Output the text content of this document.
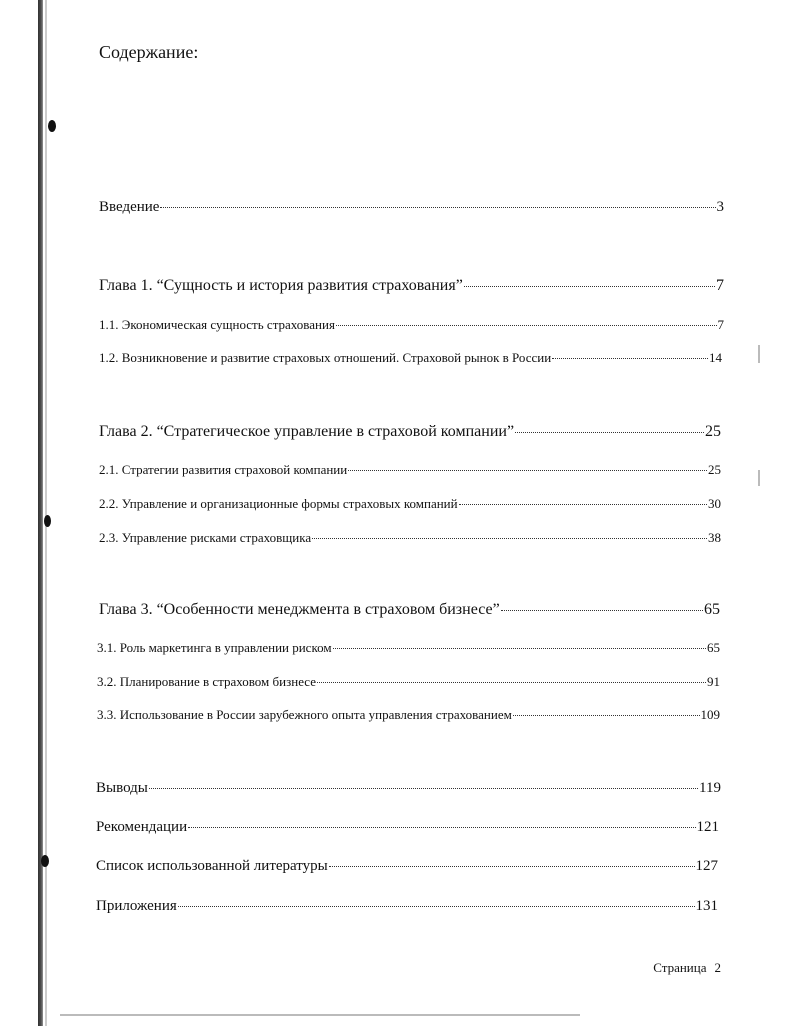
Содержание:
Введение	3
Глава 1. “Сущность и история развития страхования”	7
1.1. Экономическая сущность страхования	7
1.2. Возникновение и развитие страховых отношений. Страховой рынок в России	14
Глава 2. “Стратегическое управление в страховой компании”	25
2.1. Стратегии развития страховой компании	25
2.2. Управление и организационные формы страховых компаний	30
2.3. Управление рисками страховщика	38
Глава 3. “Особенности менеджмента в страховом бизнесе”	65
3.1. Роль маркетинга в управлении риском	65
3.2. Планирование в страховом бизнесе	91
3.3. Использование в России зарубежного опыта управления страхованием	109
Выводы	119
Рекомендации	121
Список использованной литературы	127
Приложения	131
Страница 2
